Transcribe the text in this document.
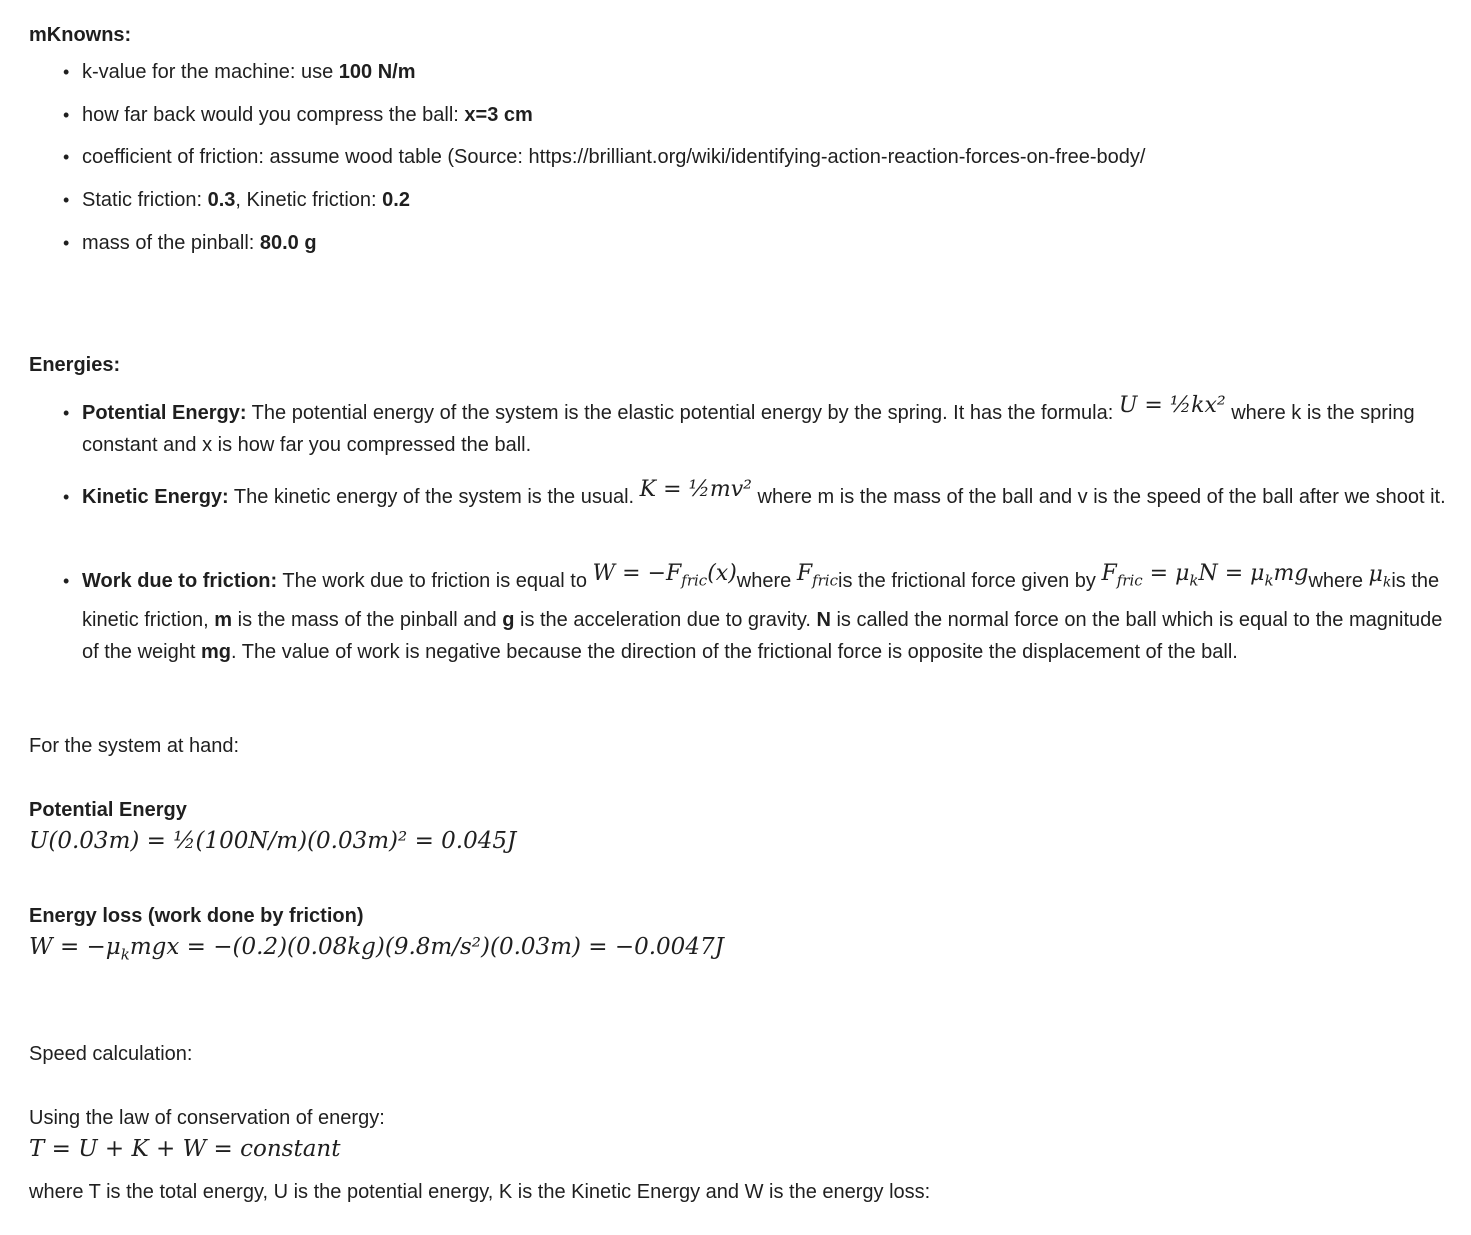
mKnowns:
• k-value for the machine: use 100 N/m
• how far back would you compress the ball: x=3 cm
• coefficient of friction: assume wood table (Source: https://brilliant.org/wiki/identifying-action-reaction-forces-on-free-body/
• Static friction: 0.3, Kinetic friction: 0.2
• mass of the pinball: 80.0 g
Energies:
• Potential Energy: The potential energy of the system is the elastic potential energy by the spring. It has the formula: U = ½kx² where k is the spring constant and x is how far you compressed the ball.
• Kinetic Energy: The kinetic energy of the system is the usual. K = ½mv² where m is the mass of the ball and v is the speed of the ball after we shoot it.
• Work due to friction: The work due to friction is equal to $W = -F_{fric}(x)where$ $F_{fric}is$ the frictional force given by $F_{fric} = \mu_kN$ = $\mu_kmgwhere$ $\mu_kis$ the kinetic friction, m is the mass of the pinball and g is the acceleration due to gravity. N is called the normal force on the ball which is equal to the magnitude of the weight mg. The value of work is negative because the direction of the frictional force is opposite the displacement of the ball.
For the system at hand:
Potential Energy
U(0.03m) = ½(100N/m)(0.03m)² = 0.045J
Energy loss (work done by friction)
$W = -\mu_kmgx = -(0.2)(0.08kg)(9.8m/s^2)(0.03m) = -0.0047J$
Speed calculation:
Using the law of conservation of energy:
T = U + K + W = constant
where T is the total energy, U is the potential energy, K is the Kinetic Energy and W is the energy loss:
